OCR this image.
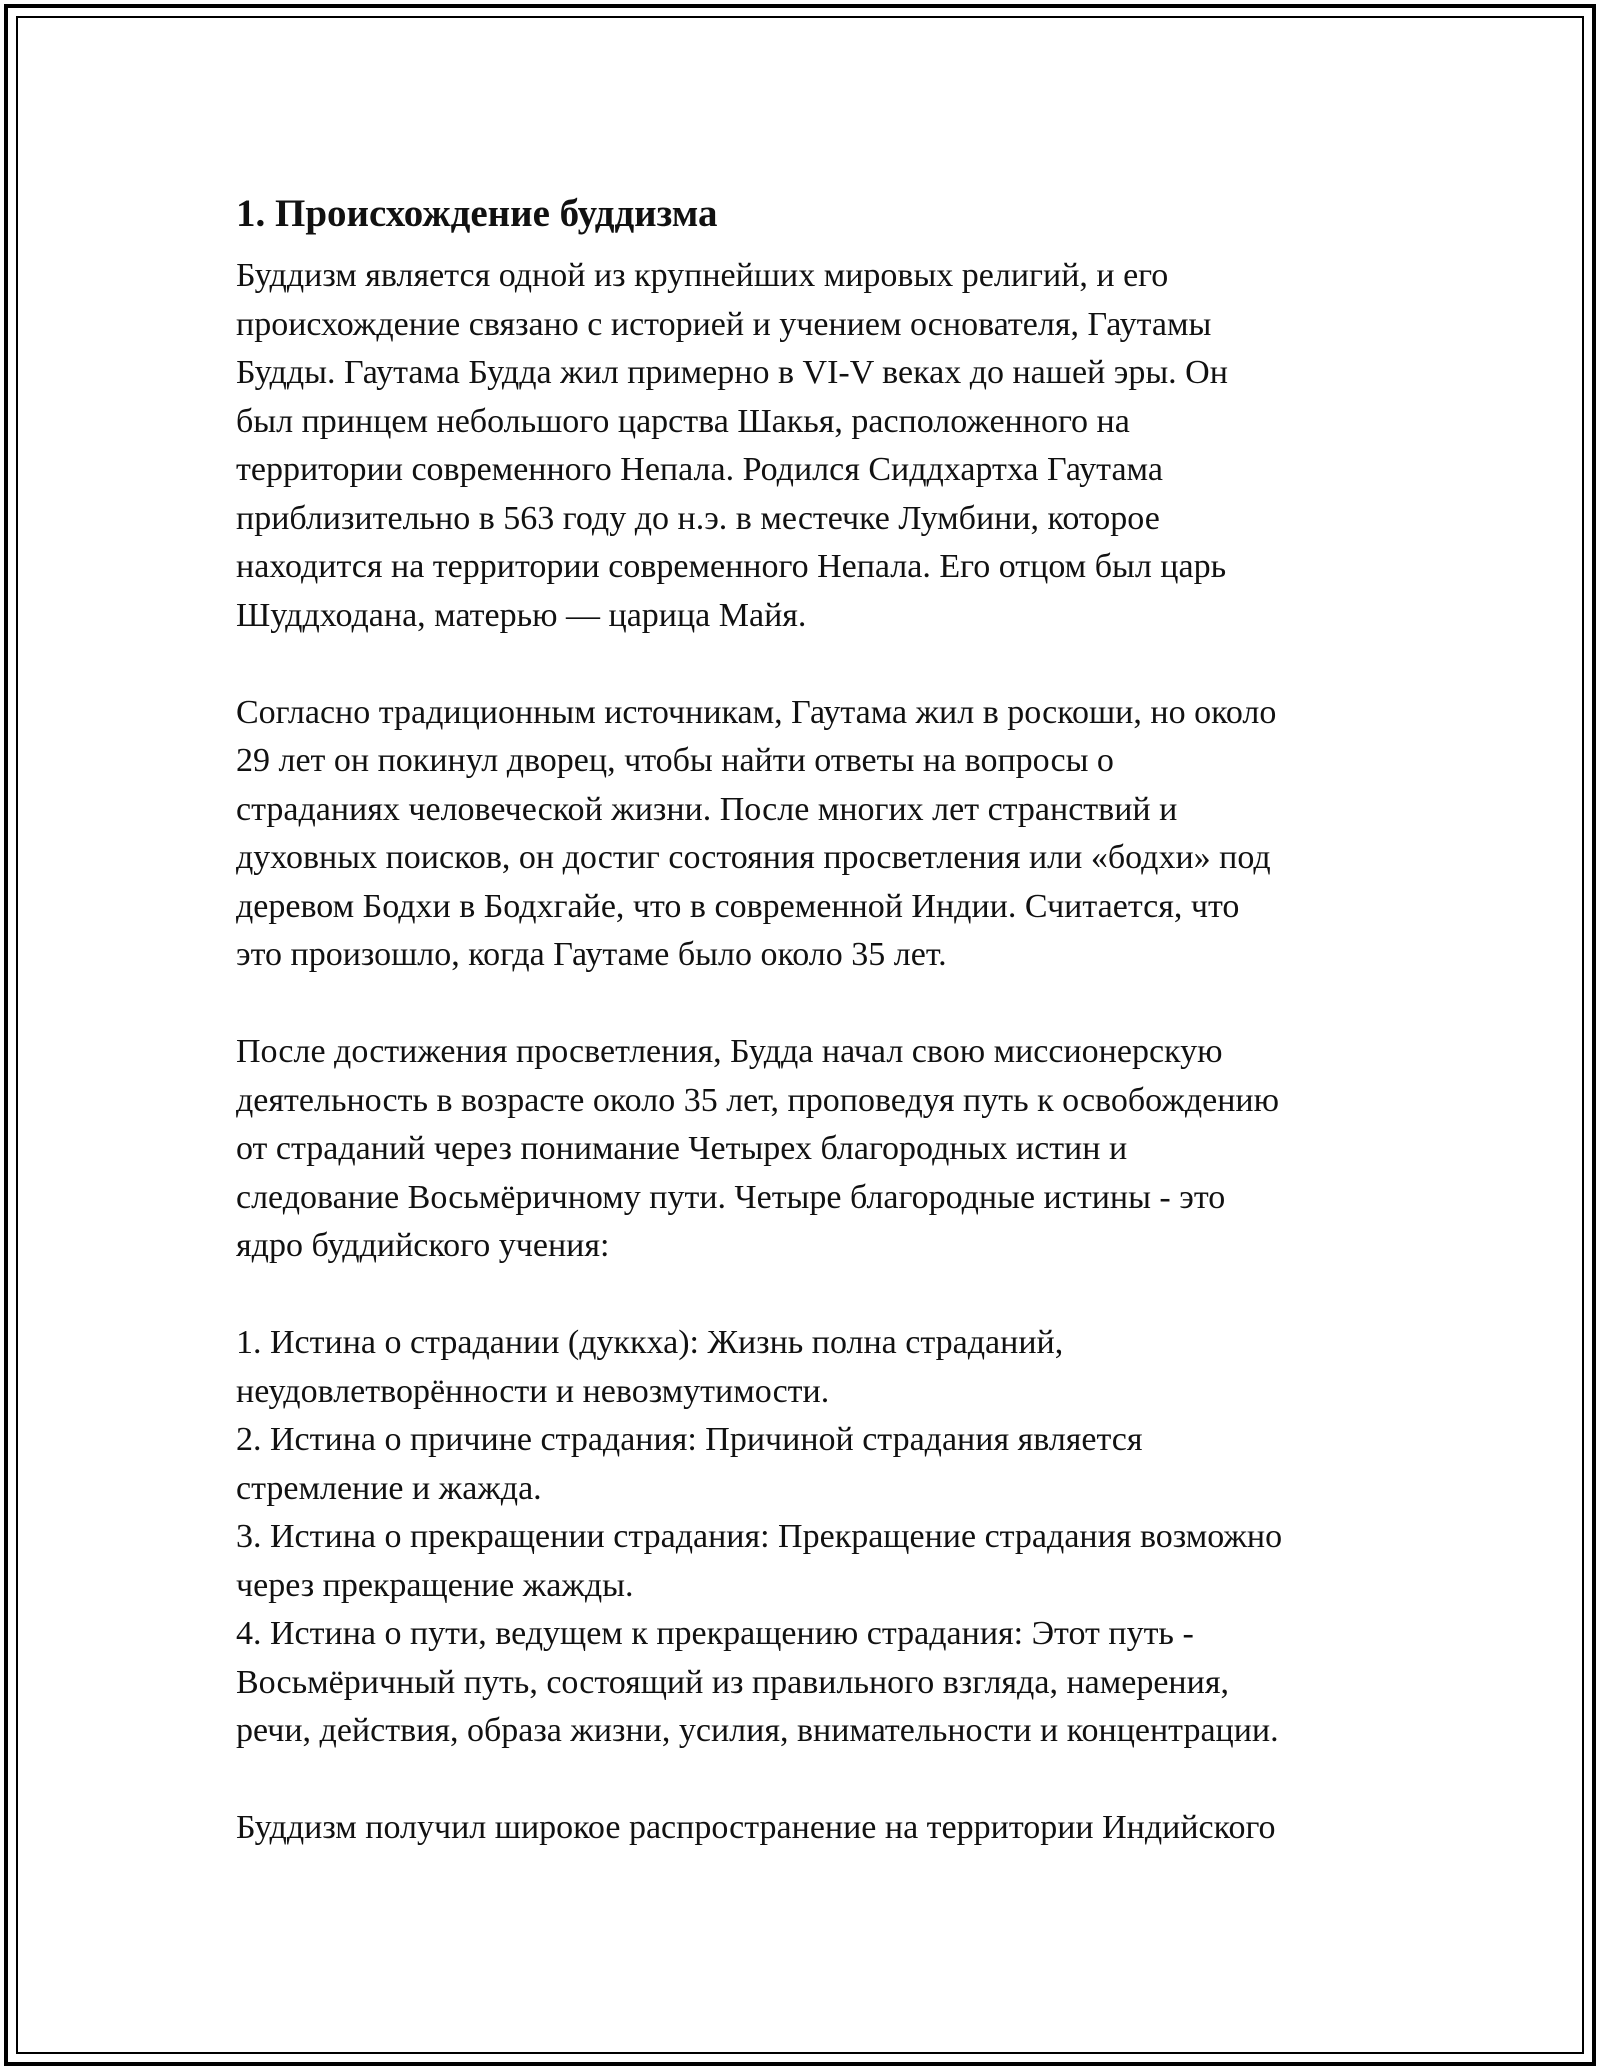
1. Происхождение буддизма

Буддизм является одной из крупнейших мировых религий, и его
происхождение связано с историей и учением основателя, Гаутамы
Будды. Гаутама Будда жил примерно в VI-V веках до нашей эры. Он
был принцем небольшого царства Шакья, расположенного на
территории современного Непала. Родился Сиддхартха Гаутама
приблизительно в 563 году до н.э. в местечке Лумбини, которое
находится на территории современного Непала. Его отцом был царь
Шуддходана, матерью — царица Майя.

Согласно традиционным источникам, Гаутама жил в роскоши, но около
29 лет он покинул дворец, чтобы найти ответы на вопросы о
страданиях человеческой жизни. После многих лет странствий и
духовных поисков, он достиг состояния просветления или «бодхи» под
деревом Бодхи в Бодхгайе, что в современной Индии. Считается, что
это произошло, когда Гаутаме было около 35 лет.

После достижения просветления, Будда начал свою миссионерскую
деятельность в возрасте около 35 лет, проповедуя путь к освобождению
от страданий через понимание Четырех благородных истин и
следование Восьмёричному пути. Четыре благородные истины - это
ядро буддийского учения:

1. Истина о страдании (дуккха): Жизнь полна страданий,
неудовлетворённости и невозмутимости.
2. Истина о причине страдания: Причиной страдания является
стремление и жажда.
3. Истина о прекращении страдания: Прекращение страдания возможно
через прекращение жажды.
4. Истина о пути, ведущем к прекращению страдания: Этот путь -
Восьмёричный путь, состоящий из правильного взгляда, намерения,
речи, действия, образа жизни, усилия, внимательности и концентрации.

Буддизм получил широкое распространение на территории Индийского
